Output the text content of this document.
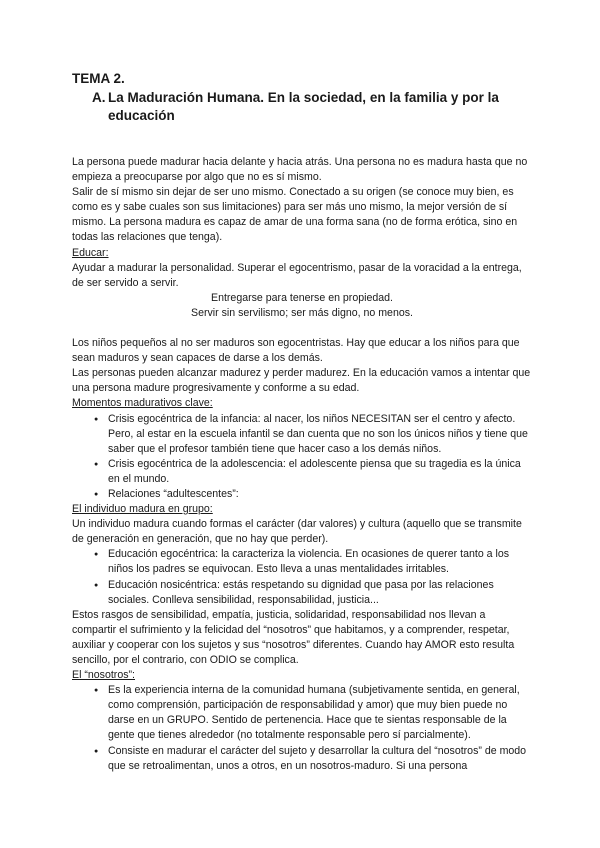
TEMA 2.

A. La Maduración Humana. En la sociedad, en la familia y por la educación

La persona puede madurar hacia delante y hacia atrás. Una persona no es madura hasta que no empieza a preocuparse por algo que no es sí mismo.

Salir de sí mismo sin dejar de ser uno mismo. Conectado a su origen (se conoce muy bien, es como es y sabe cuales son sus limitaciones) para ser más uno mismo, la mejor versión de sí mismo. La persona madura es capaz de amar de una forma sana (no de forma erótica, sino en todas las relaciones que tenga).

Educar:

Ayudar a madurar la personalidad. Superar el egocentrismo, pasar de la voracidad a la entrega, de ser servido a servir.

Entregarse para tenerse en propiedad.

Servir sin servilismo; ser más digno, no menos.

Los niños pequeños al no ser maduros son egocentristas. Hay que educar a los niños para que sean maduros y sean capaces de darse a los demás.

Las personas pueden alcanzar madurez y perder madurez. En la educación vamos a intentar que una persona madure progresivamente y conforme a su edad.

Momentos madurativos clave:

● Crisis egocéntrica de la infancia: al nacer, los niños NECESITAN ser el centro y afecto. Pero, al estar en la escuela infantil se dan cuenta que no son los únicos niños y tiene que saber que el profesor también tiene que hacer caso a los demás niños.
● Crisis egocéntrica de la adolescencia: el adolescente piensa que su tragedia es la única en el mundo.
● Relaciones “adultescentes”:

El individuo madura en grupo:

Un individuo madura cuando formas el carácter (dar valores) y cultura (aquello que se transmite de generación en generación, que no hay que perder).

● Educación egocéntrica: la caracteriza la violencia. En ocasiones de querer tanto a los niños los padres se equivocan. Esto lleva a unas mentalidades irritables.
● Educación nosicéntrica: estás respetando su dignidad que pasa por las relaciones sociales. Conlleva sensibilidad, responsabilidad, justicia...

Estos rasgos de sensibilidad, empatía, justicia, solidaridad, responsabilidad nos llevan a compartir el sufrimiento y la felicidad del “nosotros” que habitamos, y a comprender, respetar, auxiliar y cooperar con los sujetos y sus “nosotros” diferentes. Cuando hay AMOR esto resulta sencillo, por el contrario, con ODIO se complica.

El “nosotros”:

● Es la experiencia interna de la comunidad humana (subjetivamente sentida, en general, como comprensión, participación de responsabilidad y amor) que muy bien puede no darse en un GRUPO. Sentido de pertenencia. Hace que te sientas responsable de la gente que tienes alrededor (no totalmente responsable pero sí parcialmente).
● Consiste en madurar el carácter del sujeto y desarrollar la cultura del “nosotros” de modo que se retroalimentan, unos a otros, en un nosotros-maduro. Si una persona
